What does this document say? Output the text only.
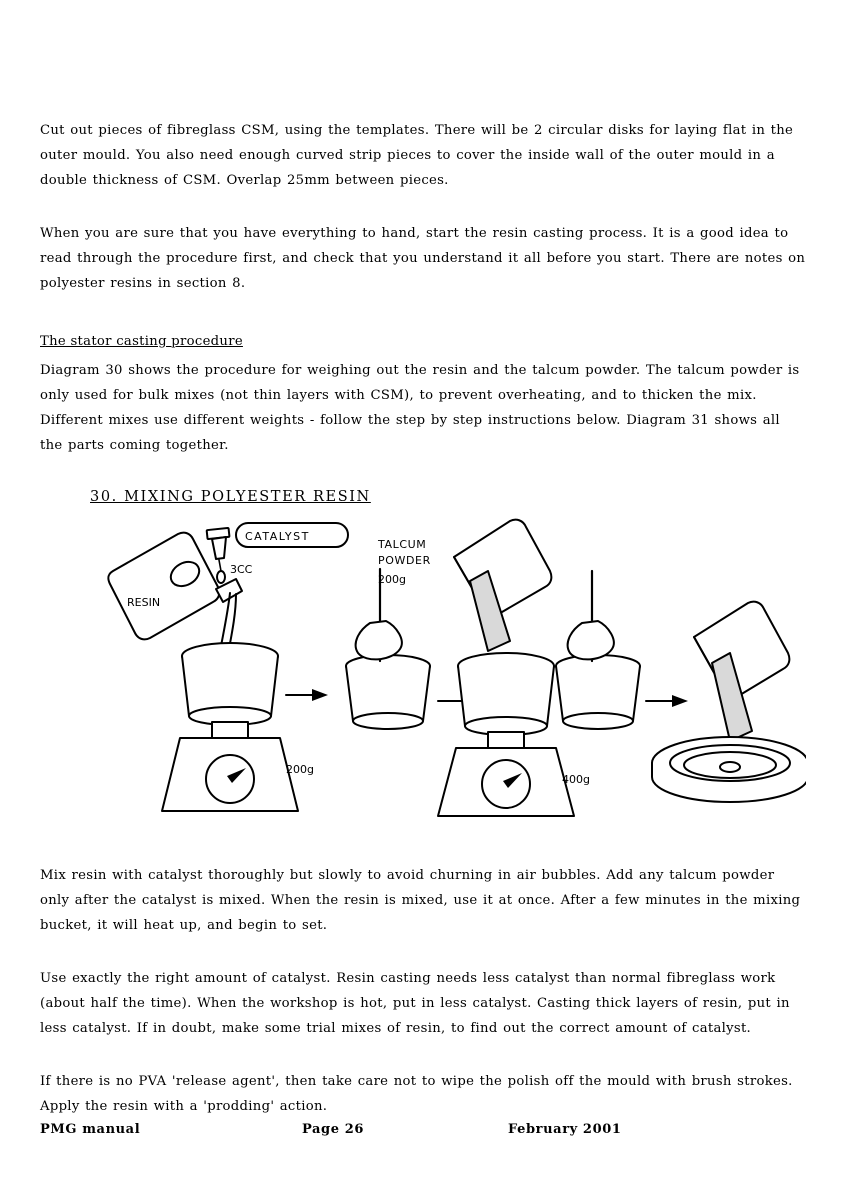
Cut out pieces of fibreglass CSM, using the templates. There will be 2 circular disks for laying flat in the outer mould. You also need enough curved strip pieces to cover the inside wall of the outer mould in a double thickness of CSM. Overlap 25mm between pieces.

When you are sure that you have everything to hand, start the resin casting process. It is a good idea to read through the procedure first, and check that you understand it all before you start. There are notes on polyester resins in section 8.

The stator casting procedure

Diagram 30 shows the procedure for weighing out the resin and the talcum powder. The talcum powder is only used for bulk mixes (not thin layers with CSM), to prevent overheating, and to thicken the mix. Different mixes use different weights - follow the step by step instructions below. Diagram 31 shows all the parts coming together.

30. MIXING POLYESTER RESIN
RESIN
CATALYST
3CC
TALCUM
POWDER
200g
200g
400g

Mix resin with catalyst thoroughly but slowly to avoid churning in air bubbles. Add any talcum powder only after the catalyst is mixed. When the resin is mixed, use it at once. After a few minutes in the mixing bucket, it will heat up, and begin to set.

Use exactly the right amount of catalyst. Resin casting needs less catalyst than normal fibreglass work (about half the time). When the workshop is hot, put in less catalyst. Casting thick layers of resin, put in less catalyst. If in doubt, make some trial mixes of resin, to find out the correct amount of catalyst.

If there is no PVA 'release agent', then take care not to wipe the polish off the mould with brush strokes. Apply the resin with a 'prodding' action.

PMG manual	Page 26	February 2001
